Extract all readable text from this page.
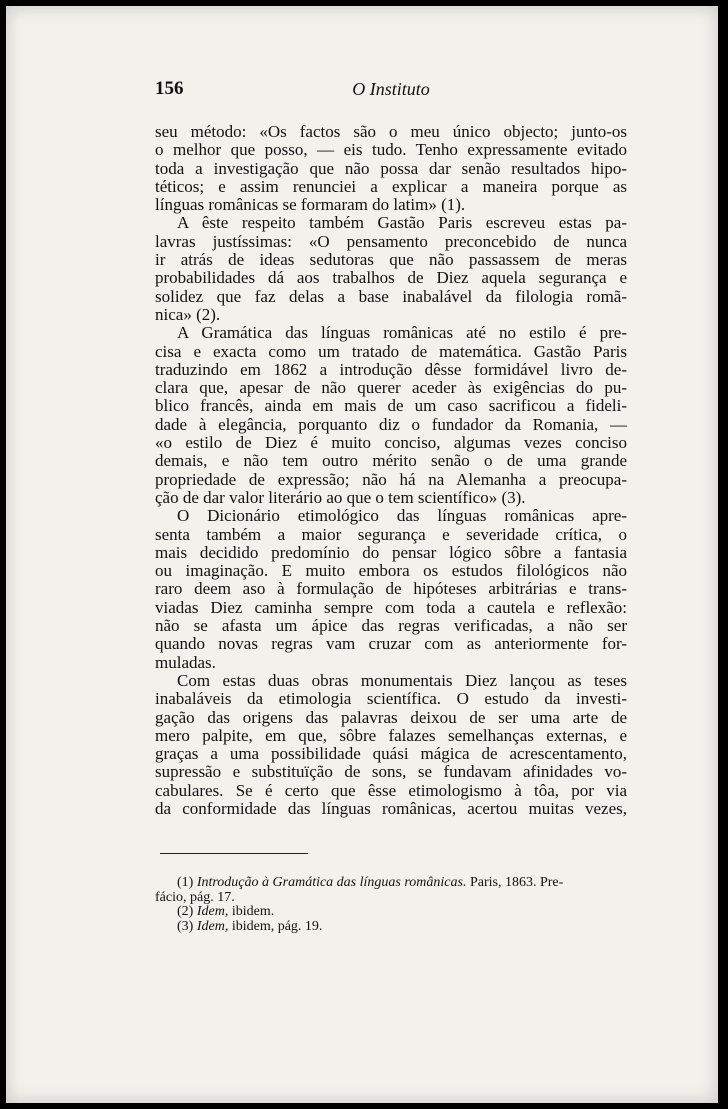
156	O Instituto

seu método: «Os factos são o meu único objecto; junto-os
o melhor que posso, — eis tudo. Tenho expressamente evitado
toda a investigação que não possa dar senão resultados hipo-
téticos; e assim renunciei a explicar a maneira porque as
línguas românicas se formaram do latim» (1).

A êste respeito também Gastão Paris escreveu estas pa-
lavras justíssimas: «O pensamento preconcebido de nunca
ir atrás de ideas sedutoras que não passassem de meras
probabilidades dá aos trabalhos de Diez aquela segurança e
solidez que faz delas a base inabalável da filologia romã-
nica» (2).

A Gramática das línguas românicas até no estilo é pre-
cisa e exacta como um tratado de matemática. Gastão Paris
traduzindo em 1862 a introdução dêsse formidável livro de-
clara que, apesar de não querer aceder às exigências do pu-
blico francês, ainda em mais de um caso sacrificou a fideli-
dade à elegância, porquanto diz o fundador da Romania, —
«o estilo de Diez é muito conciso, algumas vezes conciso
demais, e não tem outro mérito senão o de uma grande
propriedade de expressão; não há na Alemanha a preocupa-
ção de dar valor literário ao que o tem scientífico» (3).

O Dicionário etimológico das línguas românicas apre-
senta também a maior segurança e severidade crítica, o
mais decidido predomínio do pensar lógico sôbre a fantasia
ou imaginação. E muito embora os estudos filológicos não
raro deem aso à formulação de hipóteses arbitrárias e trans-
viadas Diez caminha sempre com toda a cautela e reflexão:
não se afasta um ápice das regras verificadas, a não ser
quando novas regras vam cruzar com as anteriormente for-
muladas.

Com estas duas obras monumentais Diez lançou as teses
inabaláveis da etimologia scientífica. O estudo da investi-
gação das origens das palavras deixou de ser uma arte de
mero palpite, em que, sôbre falazes semelhanças externas, e
graças a uma possibilidade quási mágica de acrescentamento,
supressão e substituïção de sons, se fundavam afinidades vo-
cabulares. Se é certo que êsse etimologismo à tôa, por via
da conformidade das línguas românicas, acertou muitas vezes,

(1) Introdução à Gramática das línguas românicas. Paris, 1863. Pre-
fácio, pág. 17.
(2) Idem, ibidem.
(3) Idem, ibidem, pág. 19.
